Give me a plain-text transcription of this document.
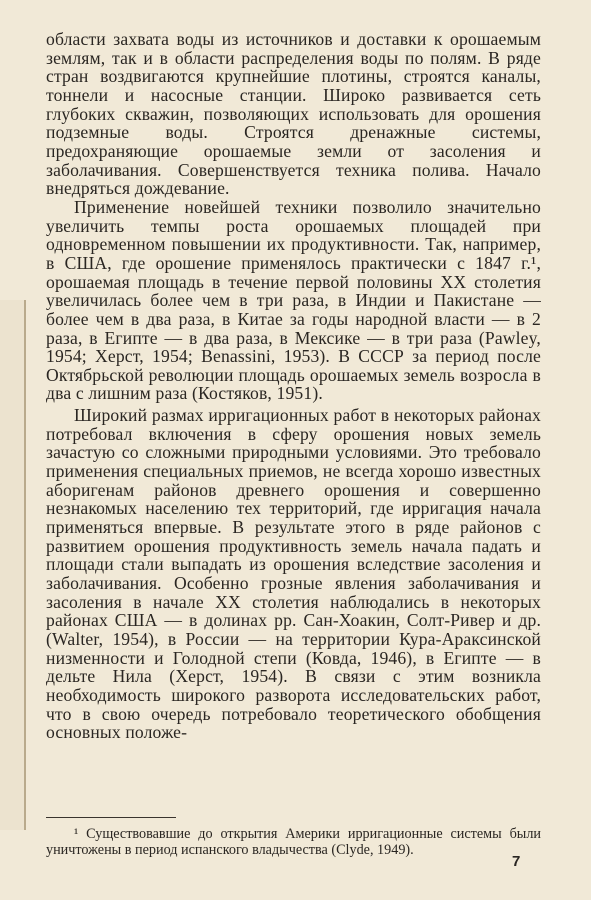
области захвата воды из источников и доставки к орошаемым землям, так и в области распределения воды по полям. В ряде стран воздвигаются крупнейшие плотины, строятся каналы, тоннели и насосные станции. Широко развивается сеть глубоких скважин, позволяющих использовать для орошения подземные воды. Строятся дренажные системы, предохраняющие орошаемые земли от засоления и заболачивания. Совершенствуется техника полива. Начало внедряться дождевание.

Применение новейшей техники позволило значительно увеличить темпы роста орошаемых площадей при одновременном повышении их продуктивности. Так, например, в США, где орошение применялось практически с 1847 г.¹, орошаемая площадь в течение первой половины XX столетия увеличилась более чем в три раза, в Индии и Пакистане — более чем в два раза, в Китае за годы народной власти — в 2 раза, в Египте — в два раза, в Мексике — в три раза (Pawley, 1954; Херст, 1954; Benassini, 1953). В СССР за период после Октябрьской революции площадь орошаемых земель возросла в два с лишним раза (Костяков, 1951).

Широкий размах ирригационных работ в некоторых районах потребовал включения в сферу орошения новых земель зачастую со сложными природными условиями. Это требовало применения специальных приемов, не всегда хорошо известных аборигенам районов древнего орошения и совершенно незнакомых населению тех территорий, где ирригация начала применяться впервые. В результате этого в ряде районов с развитием орошения продуктивность земель начала падать и площади стали выпадать из орошения вследствие засоления и заболачивания. Особенно грозные явления заболачивания и засоления в начале XX столетия наблюдались в некоторых районах США — в долинах рр. Сан-Хоакин, Солт-Ривер и др. (Walter, 1954), в России — на территории Кура-Араксинской низменности и Голодной степи (Ковда, 1946), в Египте — в дельте Нила (Херст, 1954). В связи с этим возникла необходимость широкого разворота исследовательских работ, что в свою очередь потребовало теоретического обобщения основных положе-

¹ Существовавшие до открытия Америки ирригационные системы были уничтожены в период испанского владычества (Clyde, 1949).

7
